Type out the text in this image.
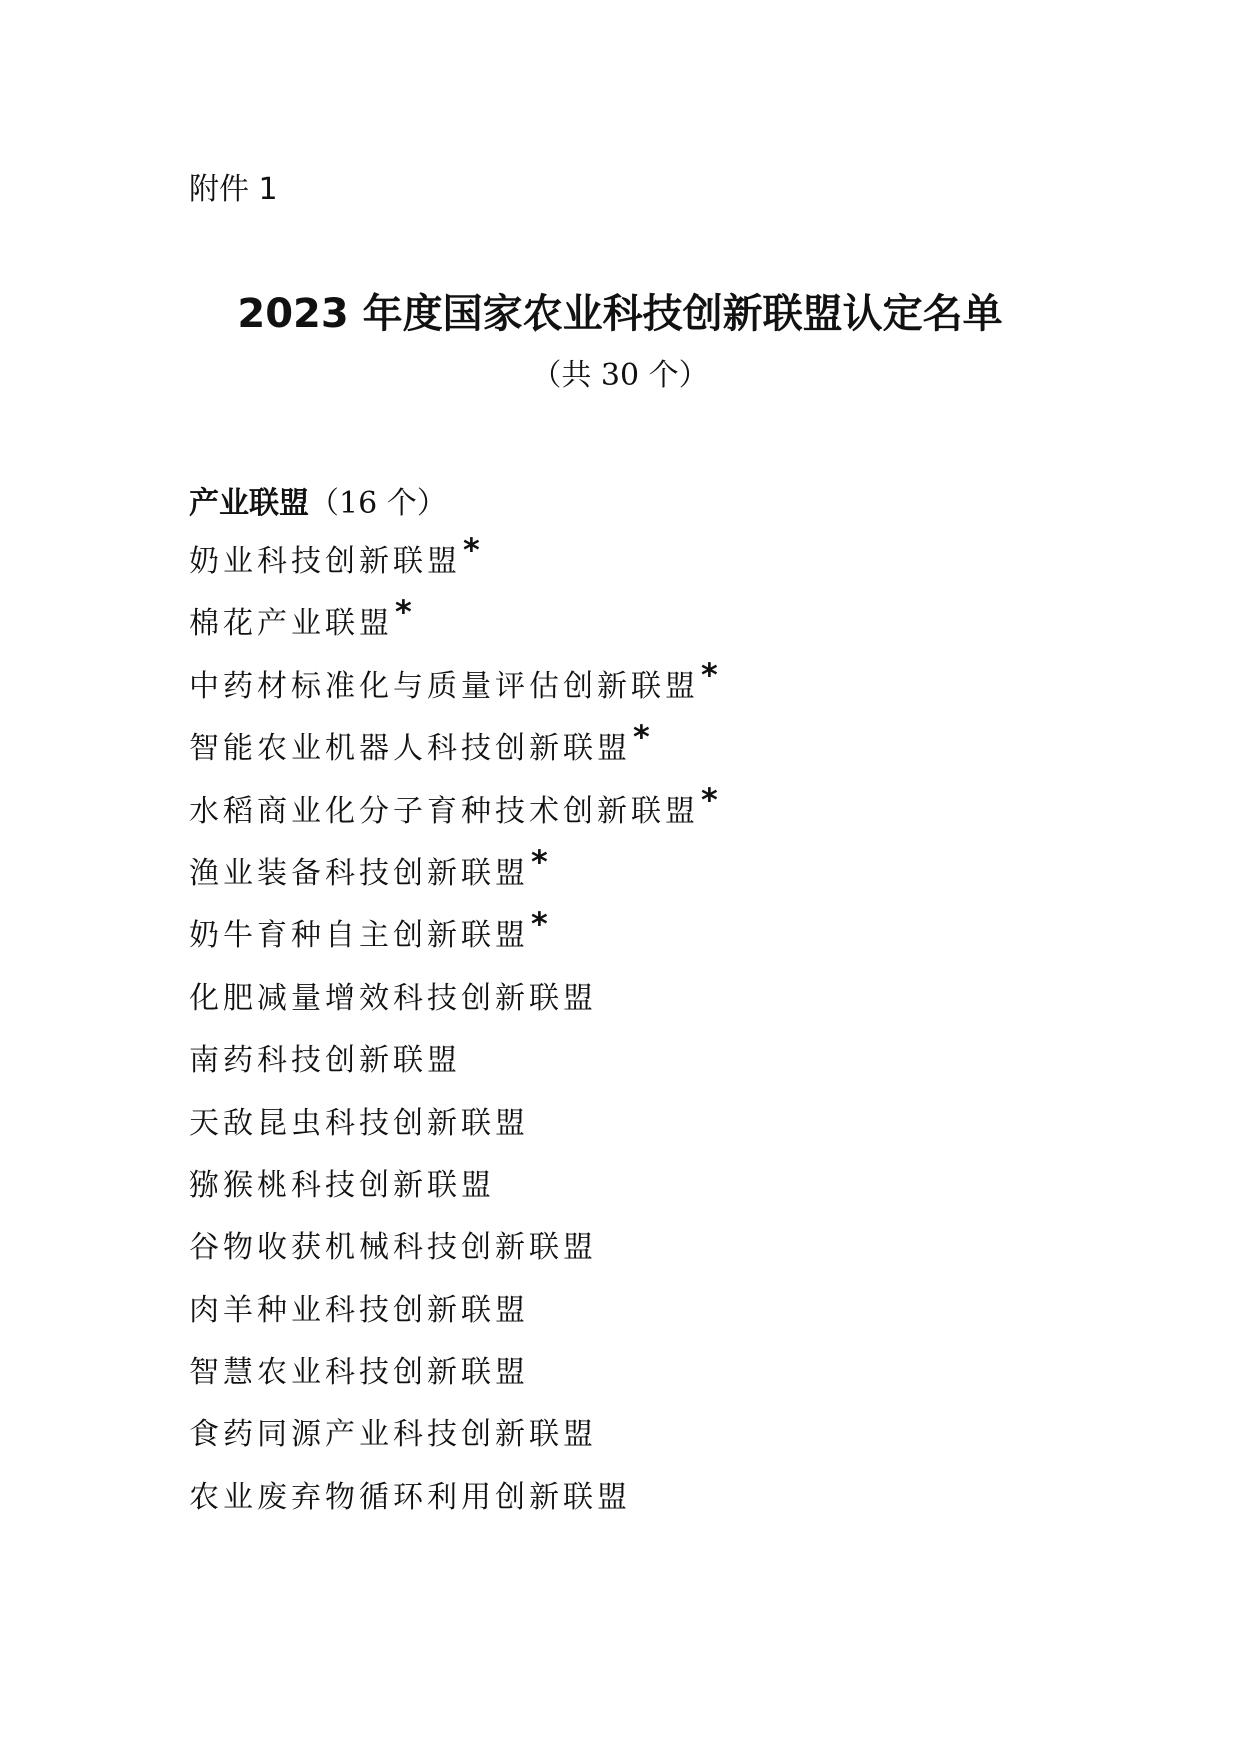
附件 1
2023 年度国家农业科技创新联盟认定名单
（共 30 个）
产业联盟（16 个）
奶业科技创新联盟*
棉花产业联盟*
中药材标准化与质量评估创新联盟*
智能农业机器人科技创新联盟*
水稻商业化分子育种技术创新联盟*
渔业装备科技创新联盟*
奶牛育种自主创新联盟*
化肥减量增效科技创新联盟
南药科技创新联盟
天敌昆虫科技创新联盟
猕猴桃科技创新联盟
谷物收获机械科技创新联盟
肉羊种业科技创新联盟
智慧农业科技创新联盟
食药同源产业科技创新联盟
农业废弃物循环利用创新联盟
